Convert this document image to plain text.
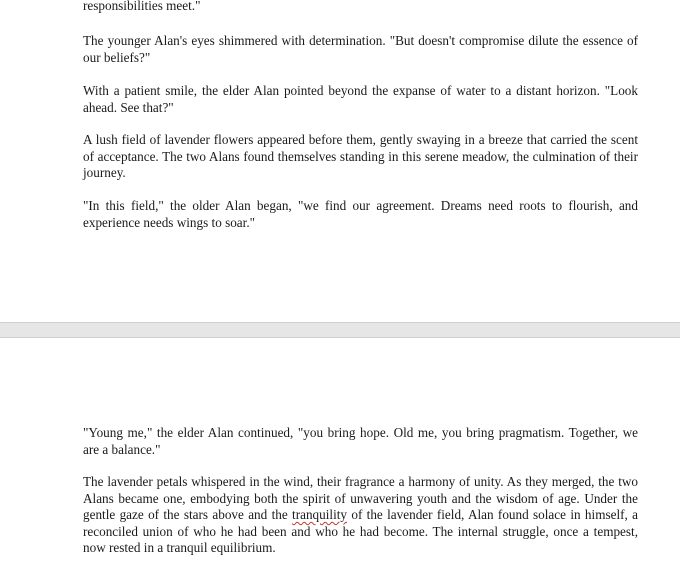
responsibilities meet."

The younger Alan's eyes shimmered with determination. "But doesn't compromise dilute the essence of our beliefs?"

With a patient smile, the elder Alan pointed beyond the expanse of water to a distant horizon. "Look ahead. See that?"

A lush field of lavender flowers appeared before them, gently swaying in a breeze that carried the scent of acceptance. The two Alans found themselves standing in this serene meadow, the culmination of their journey.

"In this field," the older Alan began, "we find our agreement. Dreams need roots to flourish, and experience needs wings to soar."

"Young me," the elder Alan continued, "you bring hope. Old me, you bring pragmatism. Together, we are a balance."

The lavender petals whispered in the wind, their fragrance a harmony of unity. As they merged, the two Alans became one, embodying both the spirit of unwavering youth and the wisdom of age. Under the gentle gaze of the stars above and the tranquility of the lavender field, Alan found solace in himself, a reconciled union of who he had been and who he had become. The internal struggle, once a tempest, now rested in a tranquil equilibrium.
